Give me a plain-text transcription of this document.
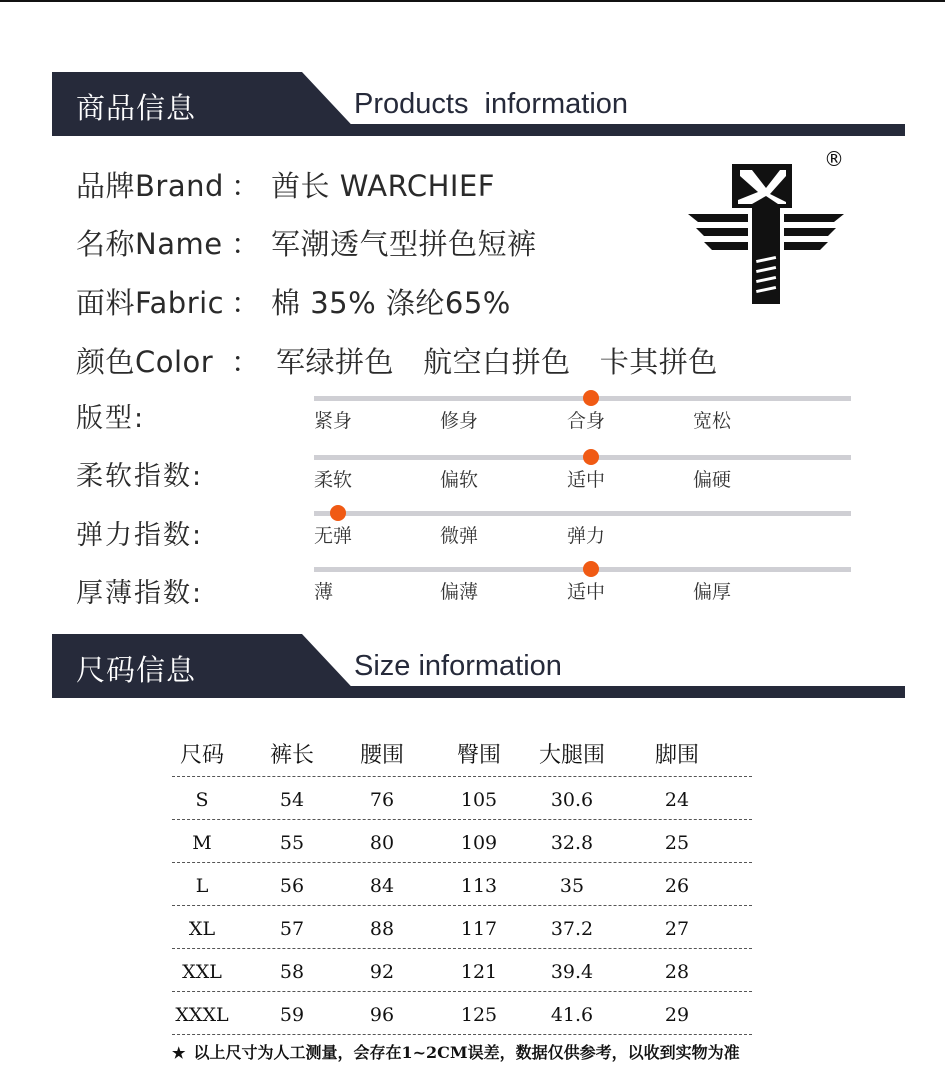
商品信息	Products  information
品牌Brand ： 酋长 WARCHIEF
名称Name ： 军潮透气型拼色短裤
面料Fabric ： 棉 35% 涤纶65%
颜色Color ： 军绿拼色   航空白拼色   卡其拼色
®
版型:	紧身	修身	合身	宽松
柔软指数:	柔软	偏软	适中	偏硬
弹力指数:	无弹	微弹	弹力
厚薄指数:	薄	偏薄	适中	偏厚
尺码信息	Size information
尺码 裤长 腰围 臀围 大腿围 脚围
S	54	76	105	30.6	24
M	55	80	109	32.8	25
L	56	84	113	35	26
XL	57	88	117	37.2	27
XXL	58	92	121	39.4	28
XXXL	59	96	125	41.6	29
★ 以上尺寸为人工测量，会存在1~2CM误差，数据仅供参考，以收到实物为准
